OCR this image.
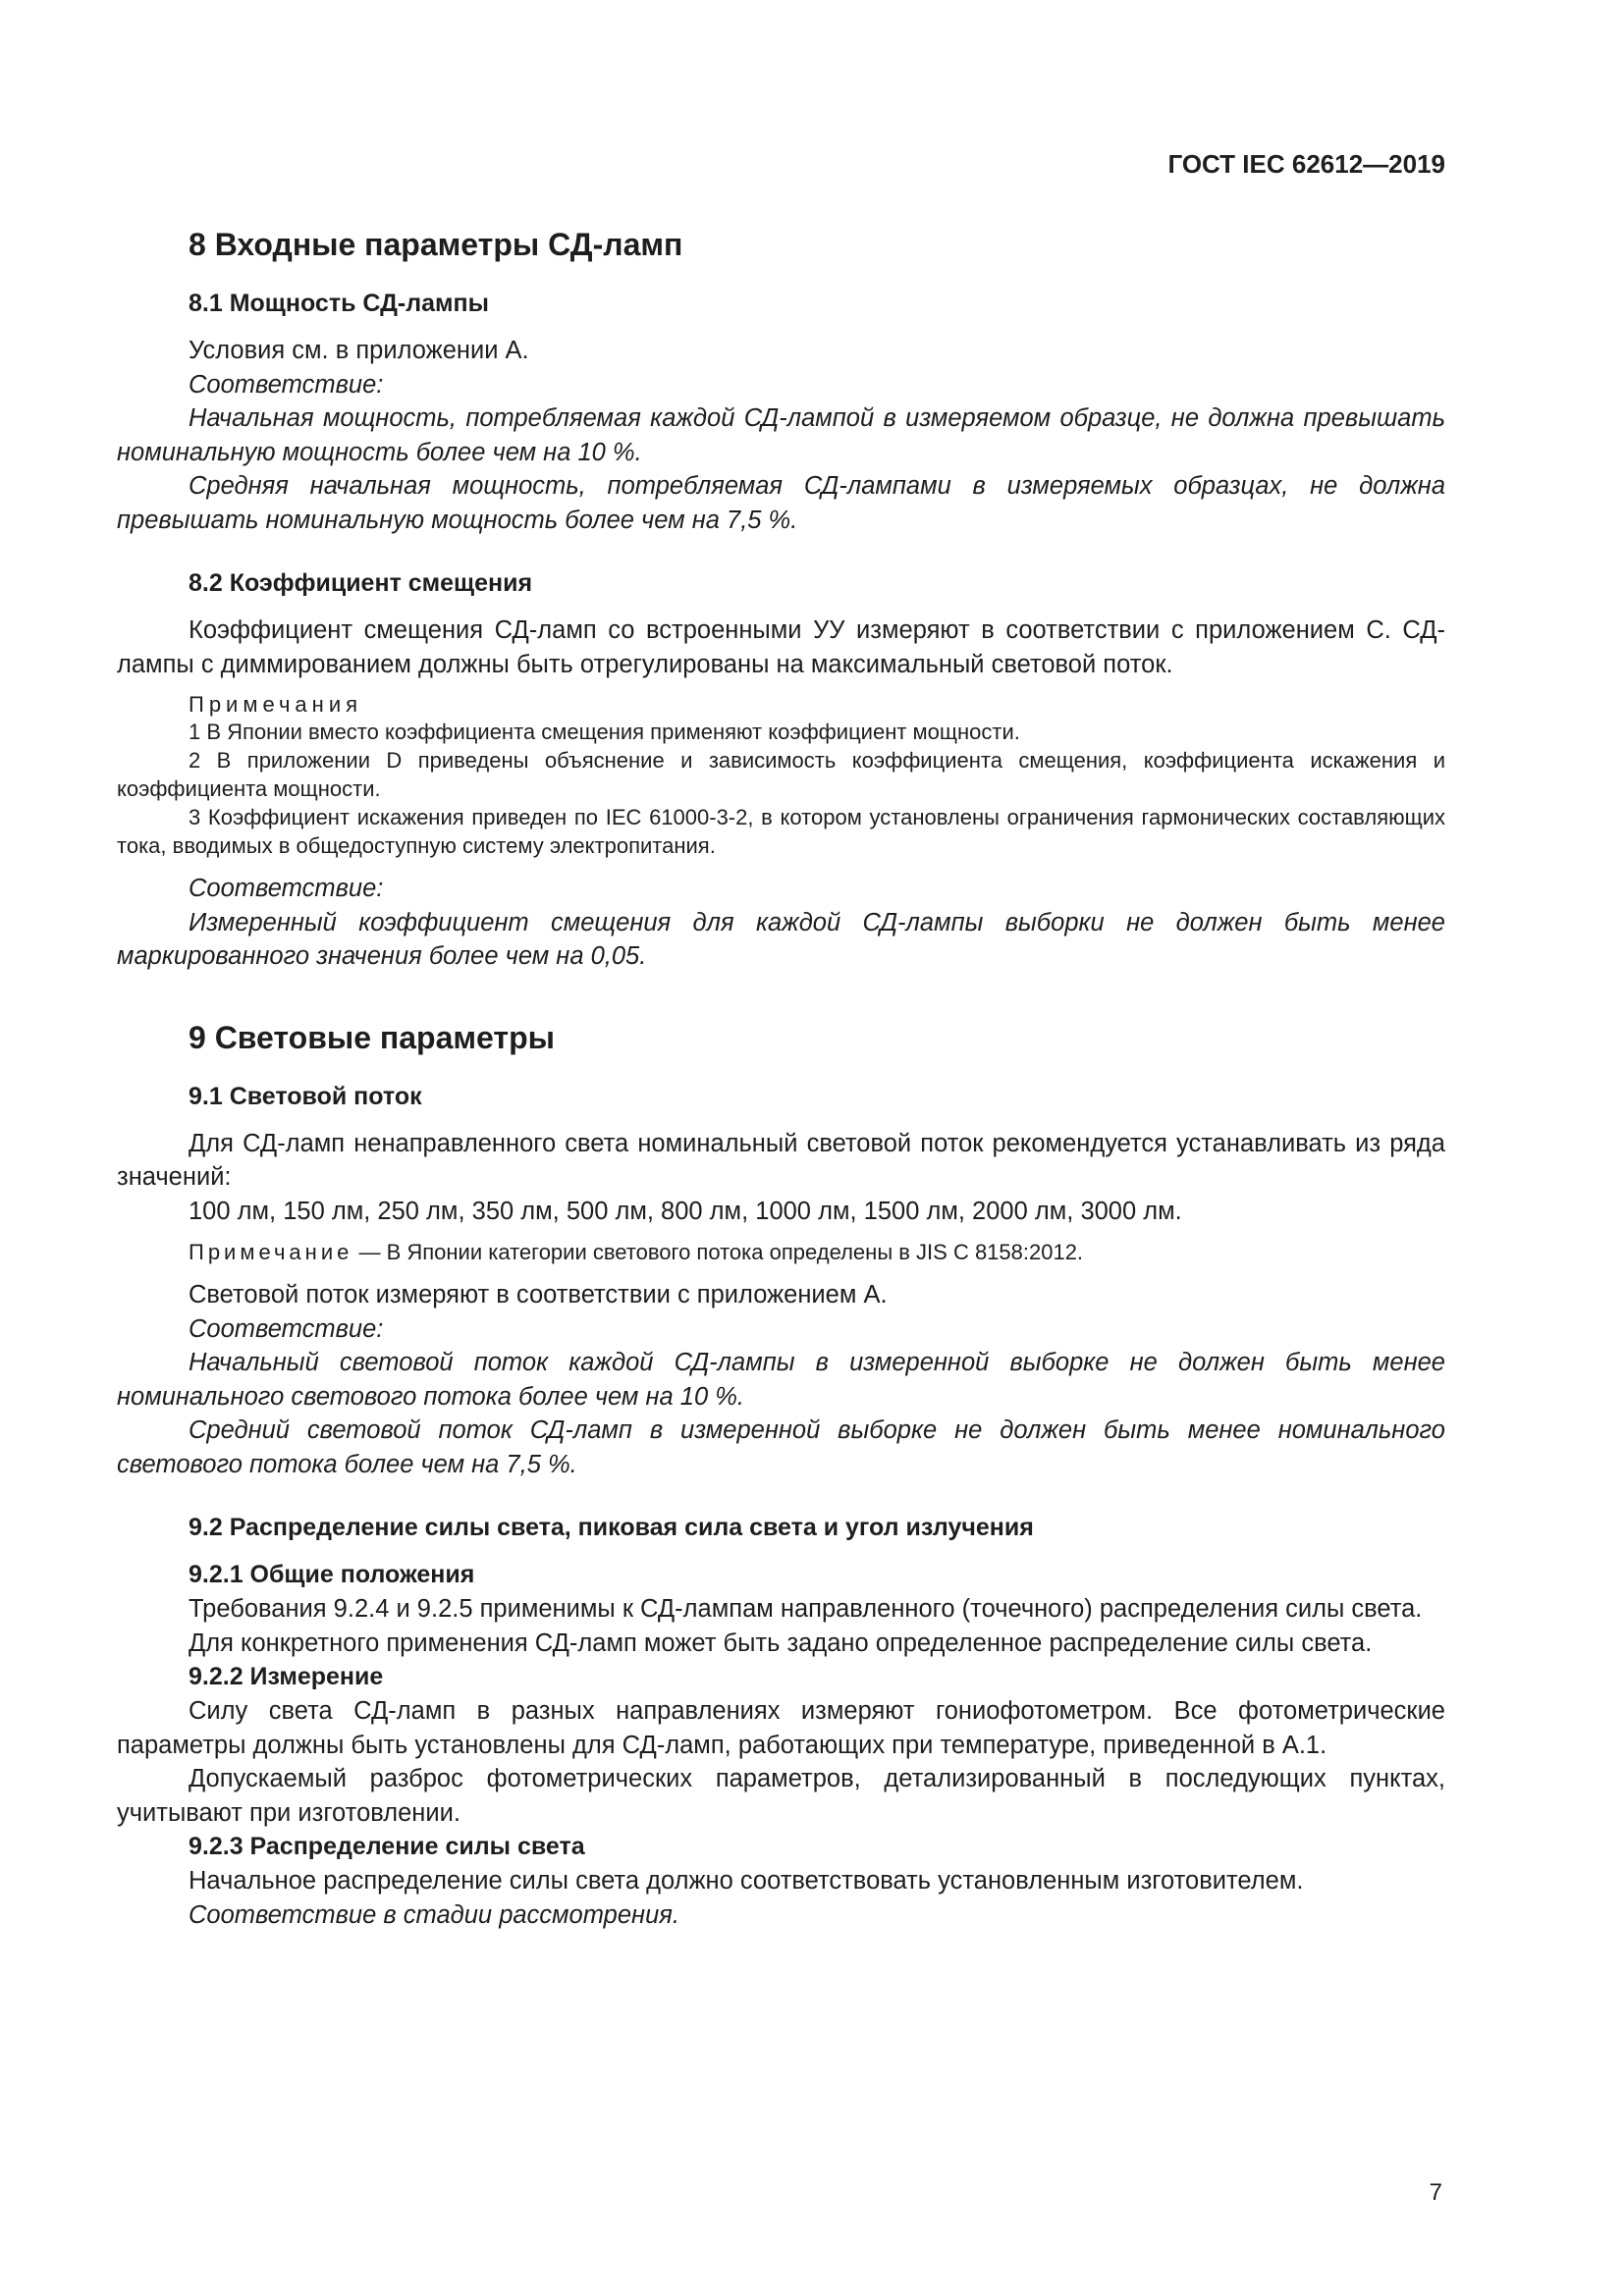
ГОСТ IEC 62612—2019
8 Входные параметры СД-ламп
8.1 Мощность СД-лампы

Условия см. в приложении А.

Соответствие:

Начальная мощность, потребляемая каждой СД-лампой в измеряемом образце, не должна превышать номинальную мощность более чем на 10 %.

Средняя начальная мощность, потребляемая СД-лампами в измеряемых образцах, не должна превышать номинальную мощность более чем на 7,5 %.

8.2 Коэффициент смещения

Коэффициент смещения СД-ламп со встроенными УУ измеряют в соответствии с приложением С. СД-лампы с диммированием должны быть отрегулированы на максимальный световой поток.

Примечания

1 В Японии вместо коэффициента смещения применяют коэффициент мощности.

2 В приложении D приведены объяснение и зависимость коэффициента смещения, коэффициента искажения и коэффициента мощности.

3 Коэффициент искажения приведен по IEC 61000-3-2, в котором установлены ограничения гармонических составляющих тока, вводимых в общедоступную систему электропитания.

Соответствие:

Измеренный коэффициент смещения для каждой СД-лампы выборки не должен быть менее маркированного значения более чем на 0,05.

9 Световые параметры
9.1 Световой поток

Для СД-ламп ненаправленного света номинальный световой поток рекомендуется устанавливать из ряда значений:

100 лм, 150 лм, 250 лм, 350 лм, 500 лм, 800 лм, 1000 лм, 1500 лм, 2000 лм, 3000 лм.

Примечание — В Японии категории светового потока определены в JIS C 8158:2012.

Световой поток измеряют в соответствии с приложением А.

Соответствие:

Начальный световой поток каждой СД-лампы в измеренной выборке не должен быть менее номинального светового потока более чем на 10 %.

Средний световой поток СД-ламп в измеренной выборке не должен быть менее номинального светового потока более чем на 7,5 %.

9.2 Распределение силы света, пиковая сила света и угол излучения
9.2.1 Общие положения

Требования 9.2.4 и 9.2.5 применимы к СД-лампам направленного (точечного) распределения силы света.

Для конкретного применения СД-ламп может быть задано определенное распределение силы света.

9.2.2 Измерение

Силу света СД-ламп в разных направлениях измеряют гониофотометром. Все фотометрические параметры должны быть установлены для СД-ламп, работающих при температуре, приведенной в А.1.

Допускаемый разброс фотометрических параметров, детализированный в последующих пунктах, учитывают при изготовлении.

9.2.3 Распределение силы света

Начальное распределение силы света должно соответствовать установленным изготовителем.

Соответствие в стадии рассмотрения.

7
